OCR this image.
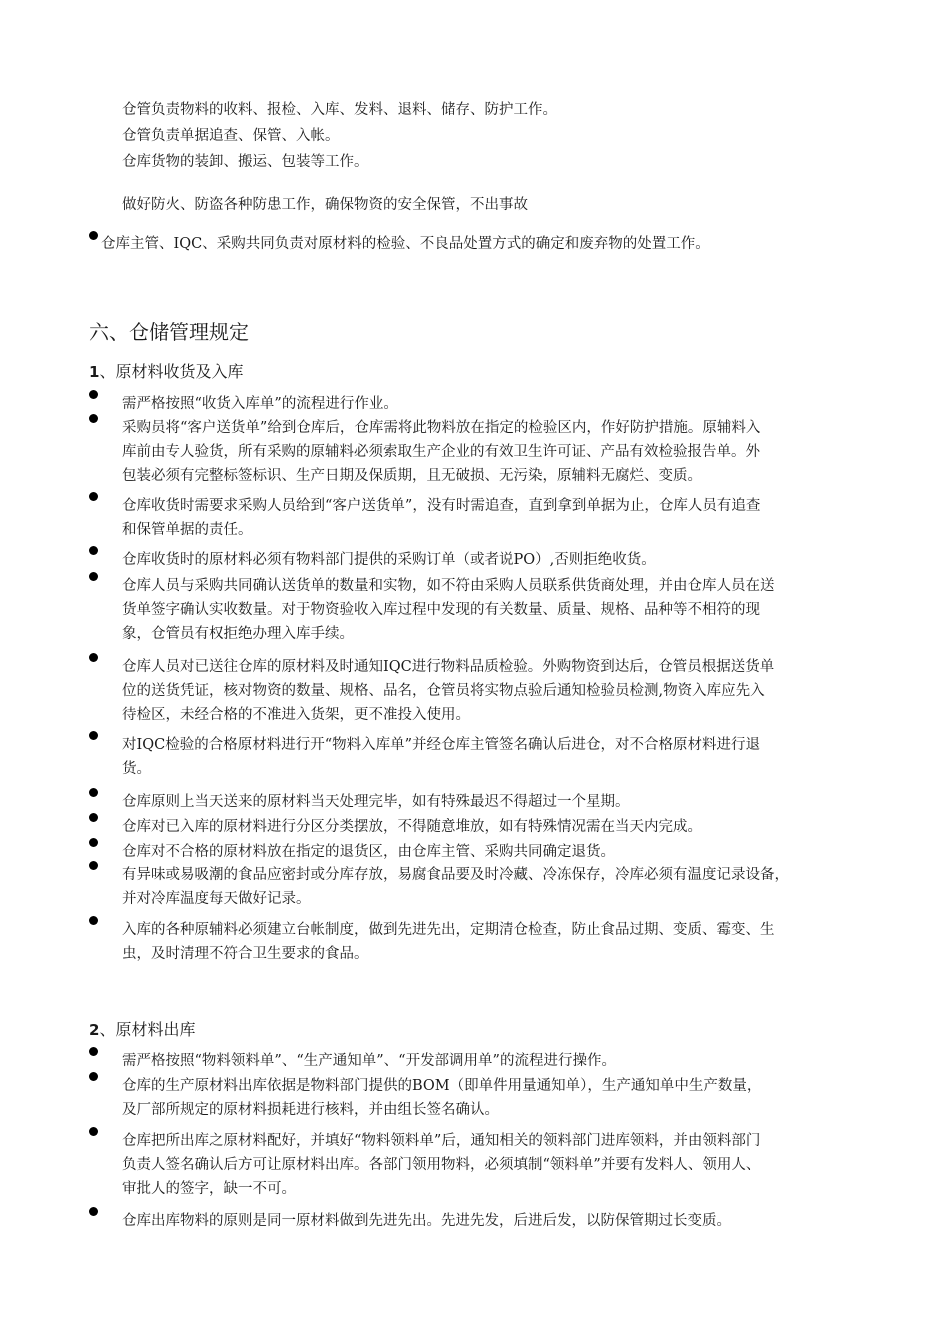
仓管负责物料的收料、报检、入库、发料、退料、储存、防护工作。
仓管负责单据追查、保管、入帐。
仓库货物的装卸、搬运、包装等工作。
做好防火、防盗各种防患工作，确保物资的安全保管，不出事故
仓库主管、IQC、采购共同负责对原材料的检验、不良品处置方式的确定和废弃物的处置工作。
六、仓储管理规定
1、原材料收货及入库
需严格按照“收货入库单”的流程进行作业。
采购员将“客户送货单”给到仓库后，仓库需将此物料放在指定的检验区内，作好防护措施。原辅料入
库前由专人验货，所有采购的原辅料必须索取生产企业的有效卫生许可证、产品有效检验报告单。外
包装必须有完整标签标识、生产日期及保质期，且无破损、无污染，原辅料无腐烂、变质。
仓库收货时需要求采购人员给到“客户送货单”，没有时需追查，直到拿到单据为止，仓库人员有追查
和保管单据的责任。
仓库收货时的原材料必须有物料部门提供的采购订单（或者说PO）,否则拒绝收货。
仓库人员与采购共同确认送货单的数量和实物，如不符由采购人员联系供货商处理，并由仓库人员在送
货单签字确认实收数量。对于物资验收入库过程中发现的有关数量、质量、规格、品种等不相符的现
象，仓管员有权拒绝办理入库手续。
仓库人员对已送往仓库的原材料及时通知IQC进行物料品质检验。外购物资到达后，仓管员根据送货单
位的送货凭证，核对物资的数量、规格、品名，仓管员将实物点验后通知检验员检测,物资入库应先入
待检区，未经合格的不准进入货架，更不准投入使用。
对IQC检验的合格原材料进行开“物料入库单”并经仓库主管签名确认后进仓，对不合格原材料进行退
货。
仓库原则上当天送来的原材料当天处理完毕，如有特殊最迟不得超过一个星期。
仓库对已入库的原材料进行分区分类摆放，不得随意堆放，如有特殊情况需在当天内完成。
仓库对不合格的原材料放在指定的退货区，由仓库主管、采购共同确定退货。
有异味或易吸潮的食品应密封或分库存放，易腐食品要及时冷藏、冷冻保存，冷库必须有温度记录设备，
并对冷库温度每天做好记录。
入库的各种原辅料必须建立台帐制度，做到先进先出，定期清仓检查，防止食品过期、变质、霉变、生
虫，及时清理不符合卫生要求的食品。
2、原材料出库
需严格按照“物料领料单”、“生产通知单”、“开发部调用单”的流程进行操作。
仓库的生产原材料出库依据是物料部门提供的BOM（即单件用量通知单），生产通知单中生产数量，
及厂部所规定的原材料损耗进行核料，并由组长签名确认。
仓库把所出库之原材料配好，并填好“物料领料单”后，通知相关的领料部门进库领料，并由领料部门
负责人签名确认后方可让原材料出库。各部门领用物料，必须填制“领料单”并要有发料人、领用人、
审批人的签字，缺一不可。
仓库出库物料的原则是同一原材料做到先进先出。先进先发，后进后发，以防保管期过长变质。
